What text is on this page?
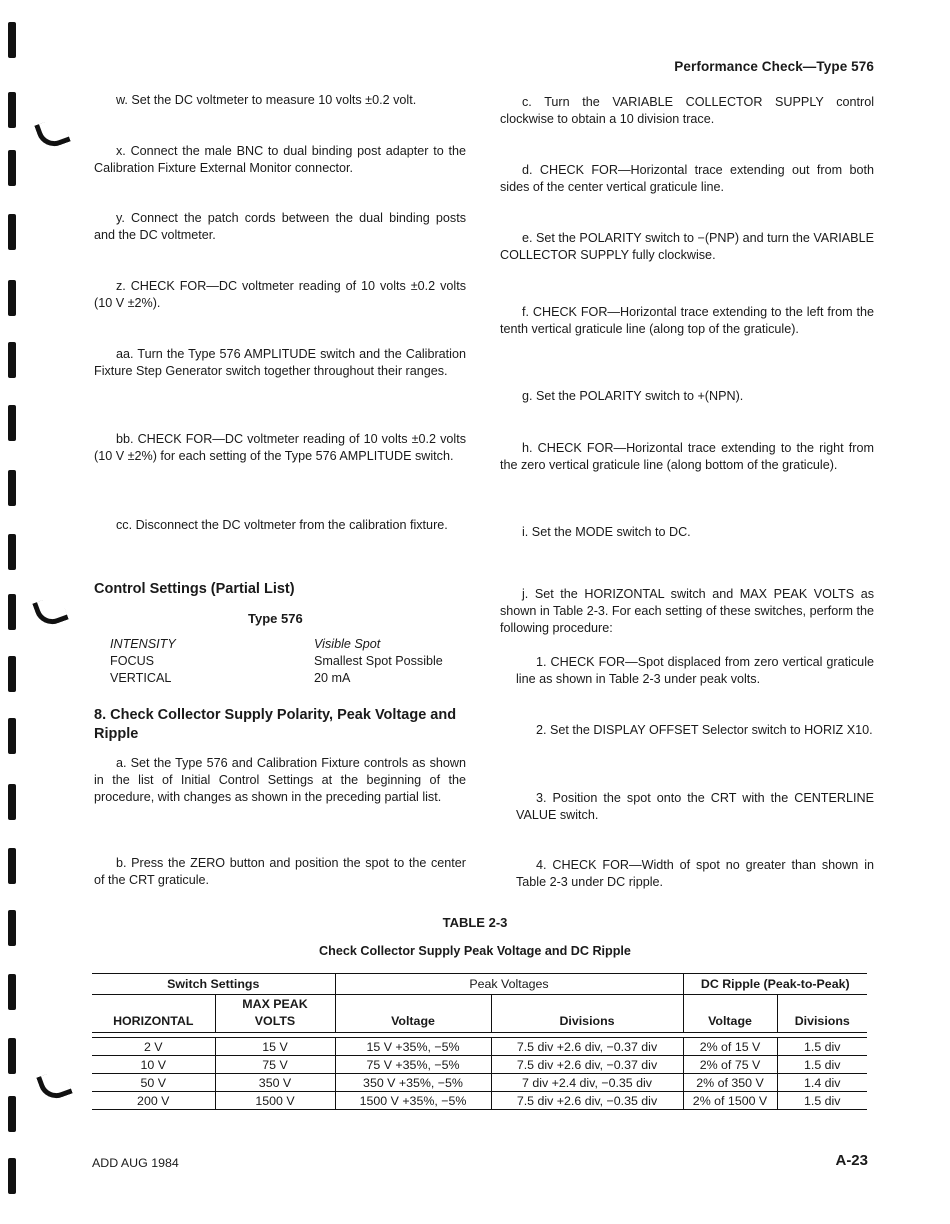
Performance Check—Type 576

w. Set the DC voltmeter to measure 10 volts ±0.2 volt.

x. Connect the male BNC to dual binding post adapter to the Calibration Fixture External Monitor connector.

y. Connect the patch cords between the dual binding posts and the DC voltmeter.

z. CHECK FOR—DC voltmeter reading of 10 volts ±0.2 volts (10 V ±2%).

aa. Turn the Type 576 AMPLITUDE switch and the Calibration Fixture Step Generator switch together throughout their ranges.

bb. CHECK FOR—DC voltmeter reading of 10 volts ±0.2 volts (10 V ±2%) for each setting of the Type 576 AMPLITUDE switch.

cc. Disconnect the DC voltmeter from the calibration fixture.

Control Settings (Partial List)
Type 576
INTENSITY	Visible Spot
FOCUS	Smallest Spot Possible
VERTICAL	20 mA
8. Check Collector Supply Polarity, Peak Voltage and Ripple

a. Set the Type 576 and Calibration Fixture controls as shown in the list of Initial Control Settings at the beginning of the procedure, with changes as shown in the preceding partial list.

b. Press the ZERO button and position the spot to the center of the CRT graticule.

c. Turn the VARIABLE COLLECTOR SUPPLY control clockwise to obtain a 10 division trace.

d. CHECK FOR—Horizontal trace extending out from both sides of the center vertical graticule line.

e. Set the POLARITY switch to −(PNP) and turn the VARIABLE COLLECTOR SUPPLY fully clockwise.

f. CHECK FOR—Horizontal trace extending to the left from the tenth vertical graticule line (along top of the graticule).

g. Set the POLARITY switch to +(NPN).

h. CHECK FOR—Horizontal trace extending to the right from the zero vertical graticule line (along bottom of the graticule).

i. Set the MODE switch to DC.

j. Set the HORIZONTAL switch and MAX PEAK VOLTS as shown in Table 2-3. For each setting of these switches, perform the following procedure:

1. CHECK FOR—Spot displaced from zero vertical graticule line as shown in Table 2-3 under peak volts.

2. Set the DISPLAY OFFSET Selector switch to HORIZ X10.

3. Position the spot onto the CRT with the CENTERLINE VALUE switch.

4. CHECK FOR—Width of spot no greater than shown in Table 2-3 under DC ripple.

TABLE 2-3
Check Collector Supply Peak Voltage and DC Ripple
Switch Settings		Peak Voltages		DC Ripple (Peak-to-Peak)	
	MAX PEAK				
HORIZONTAL	VOLTS	Voltage	Divisions	Voltage	Divisions

2 V	15 V	15 V +35%, −5%	7.5 div +2.6 div, −0.37 div	2% of 15 V	1.5 div
10 V	75 V	75 V +35%, −5%	7.5 div +2.6 div, −0.37 div	2% of 75 V	1.5 div
50 V	350 V	350 V +35%, −5%	7 div +2.4 div, −0.35 div	2% of 350 V	1.4 div
200 V	1500 V	1500 V +35%, −5%	7.5 div +2.6 div, −0.35 div	2% of 1500 V	1.5 div
ADD AUG 1984	A-23
